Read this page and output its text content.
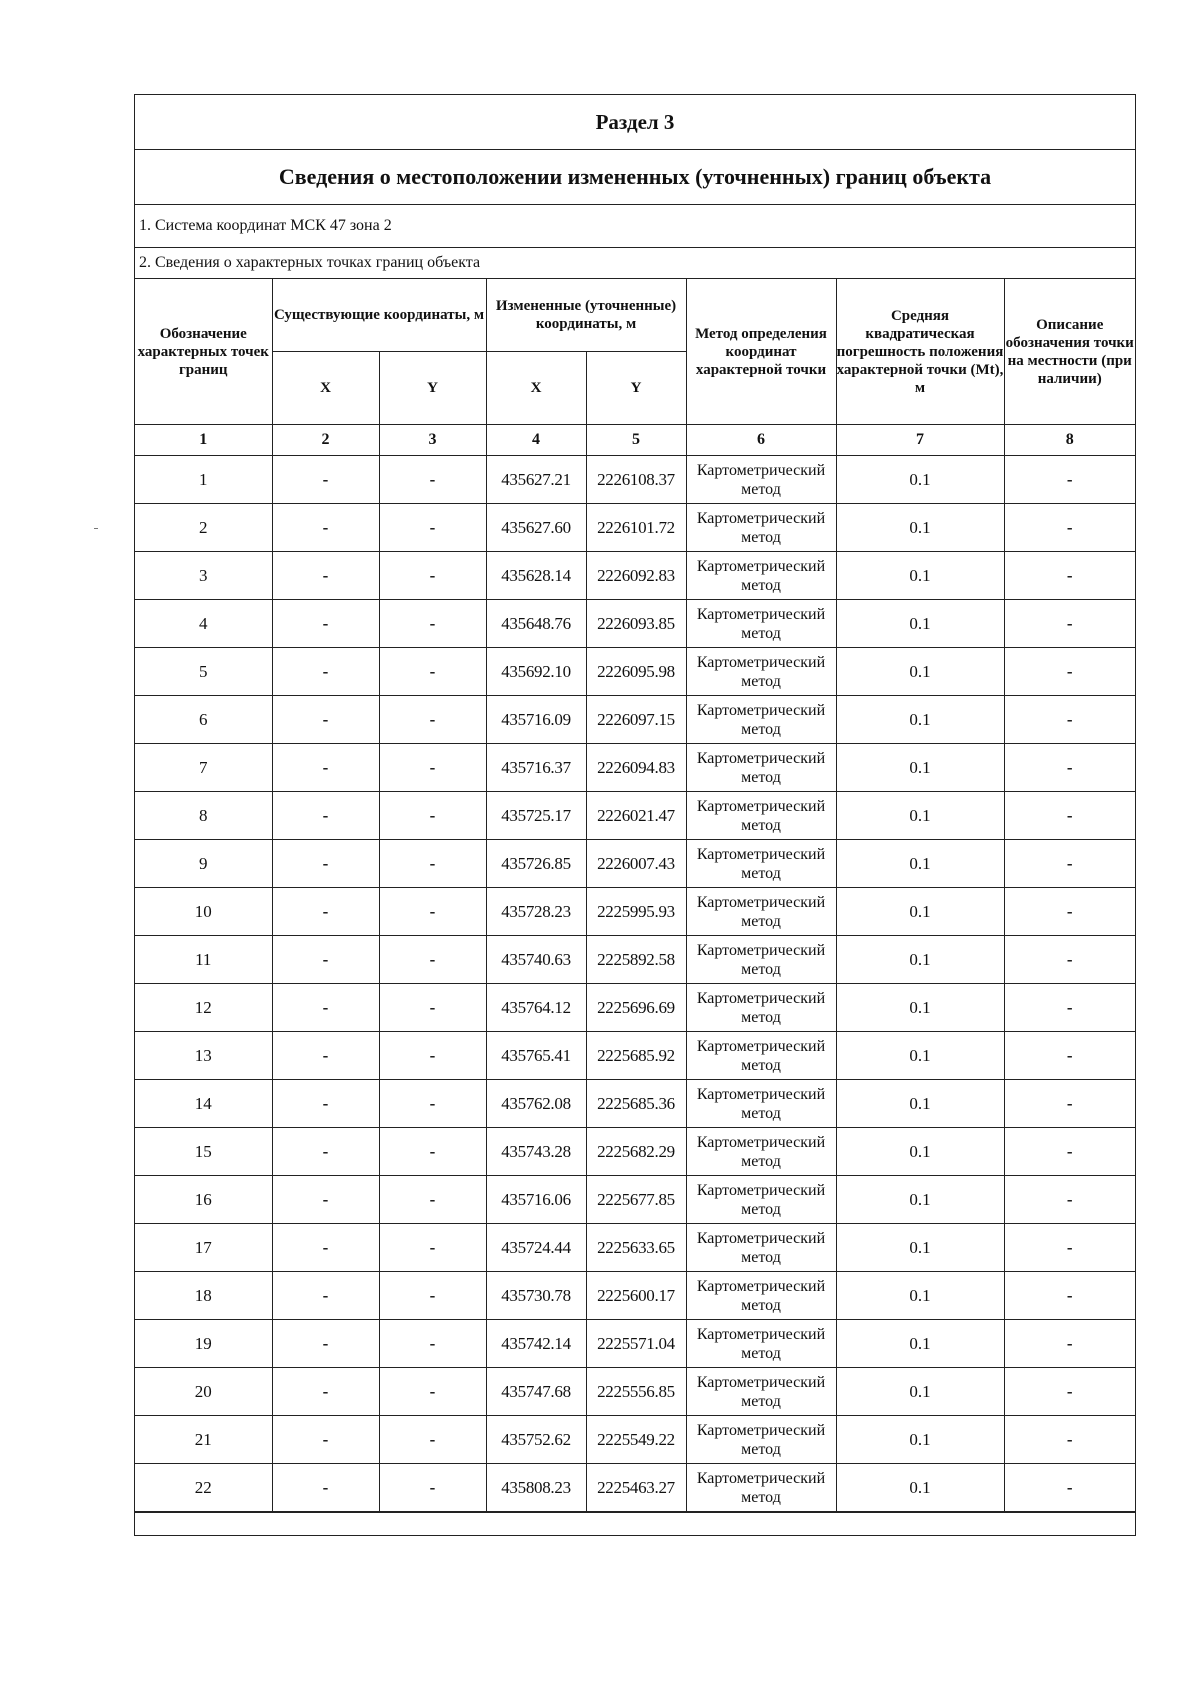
Раздел 3
Сведения о местоположении измененных (уточненных) границ объекта
1. Система координат МСК 47 зона 2
2. Сведения о характерных точках границ объекта
Обозначение характерных точек границ	Существующие координаты, м		Измененные (уточненные) координаты, м		Метод определения координат характерной точки	Средняя квадратическая погрешность положения характерной точки (Mt), м	Описание обозначения точки на местности (при наличии)
	X	Y	X	Y			
1	2	3	4	5	6	7	8
1	-	-	435627.21	2226108.37	Картометрический метод	0.1	-
2	-	-	435627.60	2226101.72	Картометрический метод	0.1	-
3	-	-	435628.14	2226092.83	Картометрический метод	0.1	-
4	-	-	435648.76	2226093.85	Картометрический метод	0.1	-
5	-	-	435692.10	2226095.98	Картометрический метод	0.1	-
6	-	-	435716.09	2226097.15	Картометрический метод	0.1	-
7	-	-	435716.37	2226094.83	Картометрический метод	0.1	-
8	-	-	435725.17	2226021.47	Картометрический метод	0.1	-
9	-	-	435726.85	2226007.43	Картометрический метод	0.1	-
10	-	-	435728.23	2225995.93	Картометрический метод	0.1	-
11	-	-	435740.63	2225892.58	Картометрический метод	0.1	-
12	-	-	435764.12	2225696.69	Картометрический метод	0.1	-
13	-	-	435765.41	2225685.92	Картометрический метод	0.1	-
14	-	-	435762.08	2225685.36	Картометрический метод	0.1	-
15	-	-	435743.28	2225682.29	Картометрический метод	0.1	-
16	-	-	435716.06	2225677.85	Картометрический метод	0.1	-
17	-	-	435724.44	2225633.65	Картометрический метод	0.1	-
18	-	-	435730.78	2225600.17	Картометрический метод	0.1	-
19	-	-	435742.14	2225571.04	Картометрический метод	0.1	-
20	-	-	435747.68	2225556.85	Картометрический метод	0.1	-
21	-	-	435752.62	2225549.22	Картометрический метод	0.1	-
22	-	-	435808.23	2225463.27	Картометрический метод	0.1	-
